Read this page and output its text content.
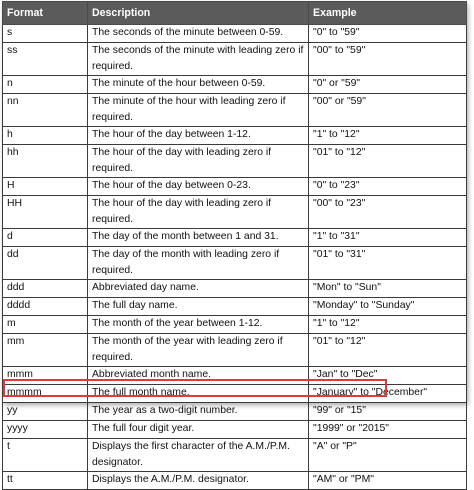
Format	Description	Example
s	The seconds of the minute between 0-59.	"0" to "59"
ss	The seconds of the minute with leading zero if required.	"00" to "59"
n	The minute of the hour between 0-59.	"0" or "59"
nn	The minute of the hour with leading zero if required.	"00" or "59"
h	The hour of the day between 1-12.	"1" to "12"
hh	The hour of the day with leading zero if required.	"01" to "12"
H	The hour of the day between 0-23.	"0" to "23"
HH	The hour of the day with leading zero if required.	"00" to "23"
d	The day of the month between 1 and 31.	"1" to "31"
dd	The day of the month with leading zero if required.	"01" to "31"
ddd	Abbreviated day name.	"Mon" to "Sun"
dddd	The full day name.	"Monday" to "Sunday"
m	The month of the year between 1-12.	"1" to "12"
mm	The month of the year with leading zero if required.	"01" to "12"
mmm	Abbreviated month name.	"Jan" to "Dec"
mmmm	The full month name.	"January" to "December"
yy	The year as a two-digit number.	"99" or "15"
yyyy	The full four digit year.	"1999" or "2015"
t	Displays the first character of the A.M./P.M. designator.	"A" or "P"
tt	Displays the A.M./P.M. designator.	"AM" or "PM"
